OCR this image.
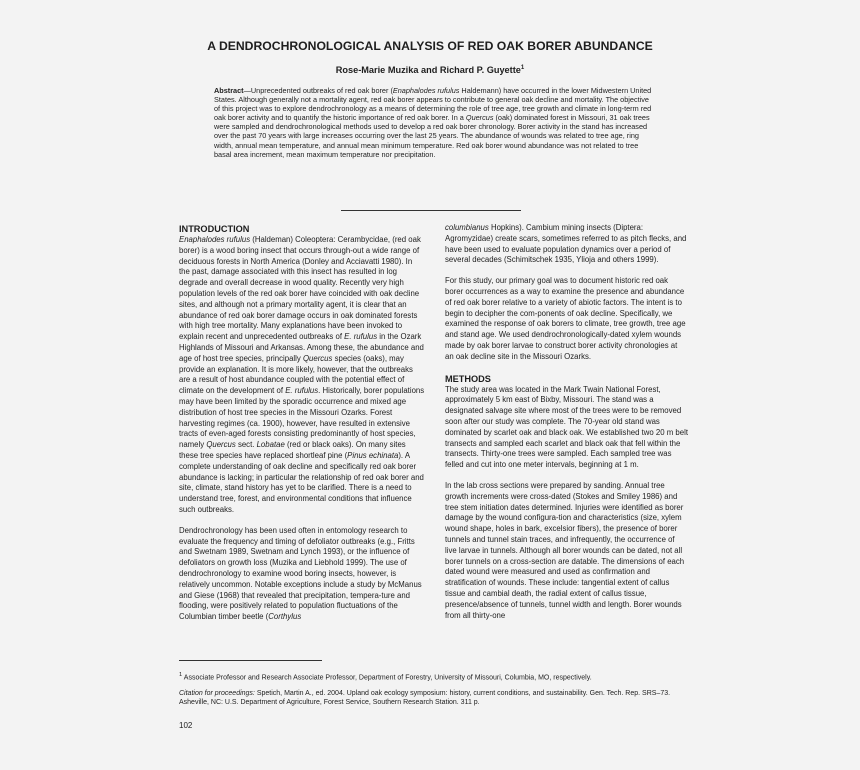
A DENDROCHRONOLOGICAL ANALYSIS OF RED OAK BORER ABUNDANCE
Rose-Marie Muzika and Richard P. Guyette$^1$
Abstract—Unprecedented outbreaks of red oak borer (Enaphalodes rufulus Haldemann) have occurred in the lower Midwestern United States. Although generally not a mortality agent, red oak borer appears to contribute to general oak decline and mortality. The objective of this project was to explore dendrochronology as a means of determining the role of tree age, tree growth and climate in long-term red oak borer activity and to quantify the historic importance of red oak borer. In a Quercus (oak) dominated forest in Missouri, 31 oak trees were sampled and dendrochronological methods used to develop a red oak borer chronology. Borer activity in the stand has increased over the past 70 years with large increases occurring over the last 25 years. The abundance of wounds was related to tree age, ring width, annual mean temperature, and annual mean minimum temperature. Red oak borer wound abundance was not related to tree basal area increment, mean maximum temperature nor precipitation.
INTRODUCTION

Enaphalodes rufulus (Haldeman) Coleoptera: Cerambycidae, (red oak borer) is a wood boring insect that occurs through-out a wide range of deciduous forests in North America (Donley and Acciavatti 1980). In the past, damage associated with this insect has resulted in log degrade and overall decrease in wood quality. Recently very high population levels of the red oak borer have coincided with oak decline sites, and although not a primary mortality agent, it is clear that an abundance of red oak borer damage occurs in oak dominated forests with high tree mortality. Many explanations have been invoked to explain recent and unprecedented outbreaks of E. rufulus in the Ozark Highlands of Missouri and Arkansas. Among these, the abundance and age of host tree species, principally Quercus species (oaks), may provide an explanation. It is more likely, however, that the outbreaks are a result of host abundance coupled with the potential effect of climate on the development of E. rufulus. Historically, borer populations may have been limited by the sporadic occurrence and mixed age distribution of host tree species in the Missouri Ozarks. Forest harvesting regimes (ca. 1900), however, have resulted in extensive tracts of even-aged forests consisting predominantly of host species, namely Quercus sect. Lobatae (red or black oaks). On many sites these tree species have replaced shortleaf pine (Pinus echinata). A complete understanding of oak decline and specifically red oak borer abundance is lacking; in particular the relationship of red oak borer and site, climate, stand history has yet to be clarified. There is a need to understand tree, forest, and environmental conditions that influence such outbreaks.

Dendrochronology has been used often in entomology research to evaluate the frequency and timing of defoliator outbreaks (e.g., Fritts and Swetnam 1989, Swetnam and Lynch 1993), or the influence of defoliators on growth loss (Muzika and Liebhold 1999). The use of dendrochronology to examine wood boring insects, however, is relatively uncommon. Notable exceptions include a study by McManus and Giese (1968) that revealed that precipitation, tempera-ture and flooding, were positively related to population fluctuations of the Columbian timber beetle (Corthylus

columbianus Hopkins). Cambium mining insects (Diptera: Agromyzidae) create scars, sometimes referred to as pitch flecks, and have been used to evaluate population dynamics over a period of several decades (Schimitschek 1935, Ylioja and others 1999).

For this study, our primary goal was to document historic red oak borer occurrences as a way to examine the presence and abundance of red oak borer relative to a variety of abiotic factors. The intent is to begin to decipher the com-ponents of oak decline. Specifically, we examined the response of oak borers to climate, tree growth, tree age and stand age. We used dendrochronologically-dated xylem wounds made by oak borer larvae to construct borer activity chronologies at an oak decline site in the Missouri Ozarks.

METHODS

The study area was located in the Mark Twain National Forest, approximately 5 km east of Bixby, Missouri. The stand was a designated salvage site where most of the trees were to be removed soon after our study was complete. The 70-year old stand was dominated by scarlet oak and black oak. We established two 20 m belt transects and sampled each scarlet and black oak that fell within the transects. Thirty-one trees were sampled. Each sampled tree was felled and cut into one meter intervals, beginning at 1 m.

In the lab cross sections were prepared by sanding. Annual tree growth increments were cross-dated (Stokes and Smiley 1986) and tree stem initiation dates determined. Injuries were identified as borer damage by the wound configura-tion and characteristics (size, xylem wound shape, holes in bark, excelsior fibers), the presence of borer tunnels and tunnel stain traces, and infrequently, the occurrence of live larvae in tunnels. Although all borer wounds can be dated, not all borer tunnels on a cross-section are datable. The dimensions of each dated wound were measured and used as confirmation and stratification of wounds. These include: tangential extent of callus tissue and cambial death, the radial extent of callus tissue, presence/absence of tunnels, tunnel width and length. Borer wounds from all thirty-one

$^1$ Associate Professor and Research Associate Professor, Department of Forestry, University of Missouri, Columbia, MO, respectively.
Citation for proceedings: Spetich, Martin A., ed. 2004. Upland oak ecology symposium: history, current conditions, and sustainability. Gen. Tech. Rep. SRS–73. Asheville, NC: U.S. Department of Agriculture, Forest Service, Southern Research Station. 311 p.
102
